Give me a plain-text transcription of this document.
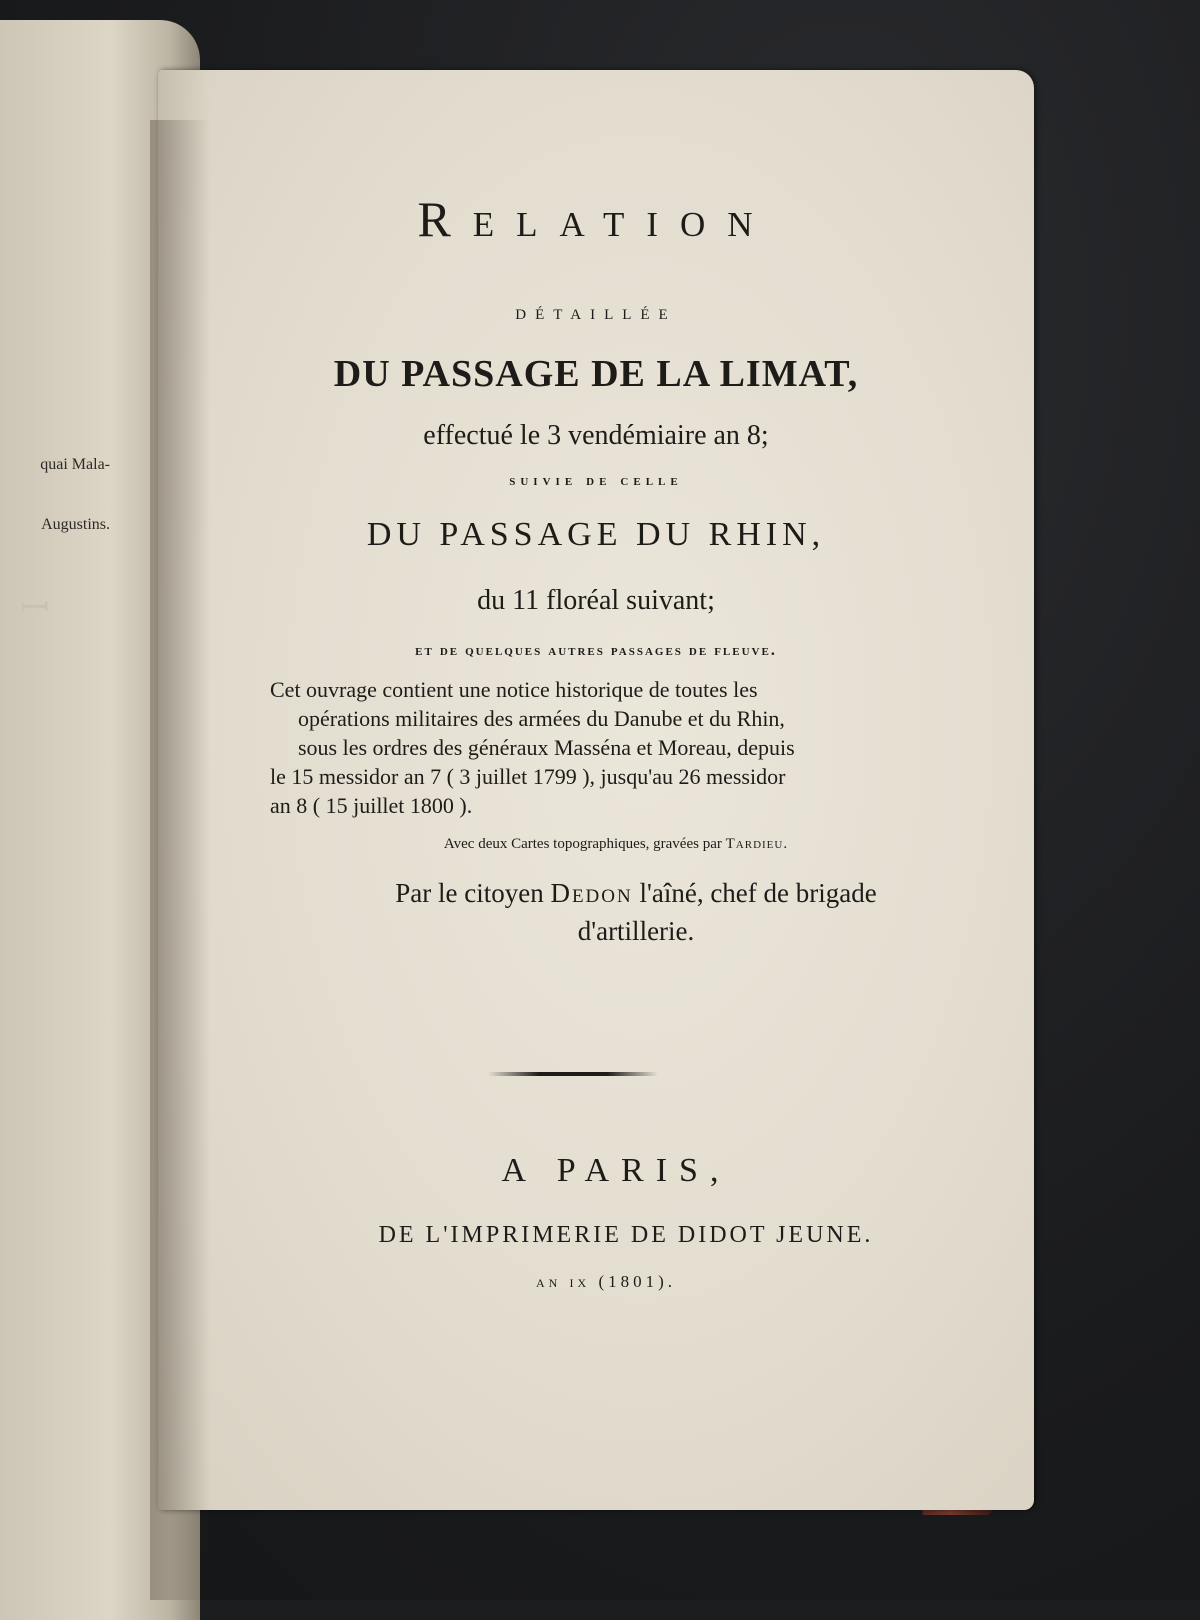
quai Mala-
Augustins.
ꟷ
Relation
détaillée
DU PASSAGE DE LA LIMAT,
effectué le 3 vendémiaire an 8;
suivie de celle
DU PASSAGE DU RHIN,
du 11 floréal suivant;
et de quelques autres passages de fleuve.
Cet ouvrage contient une notice historique de toutes les
opérations militaires des armées du Danube et du Rhin,
sous les ordres des généraux Masséna et Moreau, depuis
le 15 messidor an 7 ( 3 juillet 1799 ), jusqu'au 26 messidor
an 8 ( 15 juillet 1800 ).
Avec deux Cartes topographiques, gravées par Tardieu.
Par le citoyen Dedon l'aîné, chef de brigade
d'artillerie.
A PARIS,
DE L'IMPRIMERIE DE DIDOT JEUNE.
an ix (1801).
